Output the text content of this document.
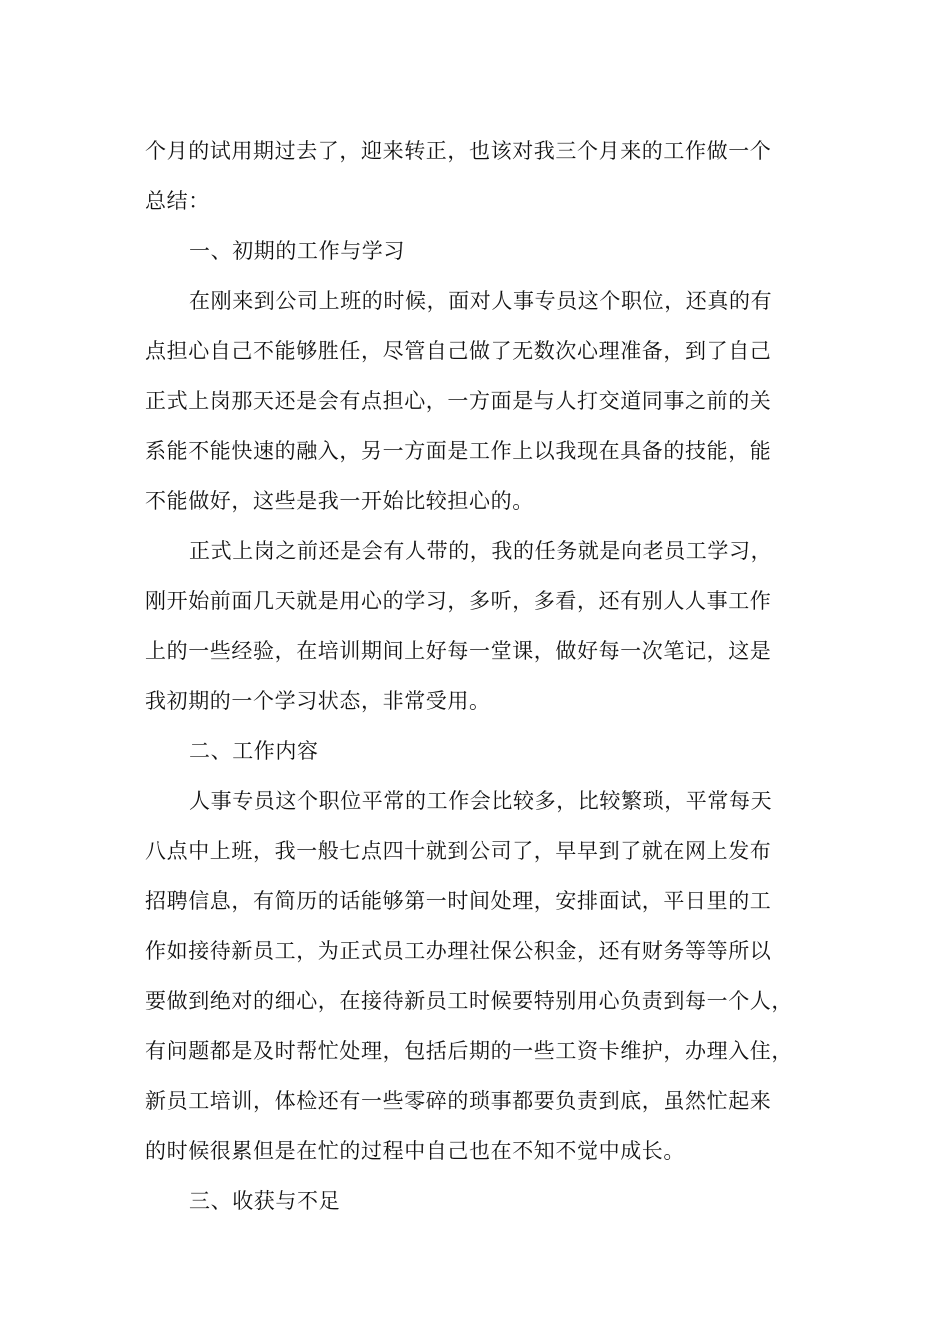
个月的试用期过去了，迎来转正，也该对我三个月来的工作做一个
总结：
一、初期的工作与学习
在刚来到公司上班的时候，面对人事专员这个职位，还真的有
点担心自己不能够胜任，尽管自己做了无数次心理准备，到了自己
正式上岗那天还是会有点担心，一方面是与人打交道同事之前的关
系能不能快速的融入，另一方面是工作上以我现在具备的技能，能
不能做好，这些是我一开始比较担心的。
正式上岗之前还是会有人带的，我的任务就是向老员工学习，
刚开始前面几天就是用心的学习，多听，多看，还有别人人事工作
上的一些经验，在培训期间上好每一堂课，做好每一次笔记，这是
我初期的一个学习状态，非常受用。
二、工作内容
人事专员这个职位平常的工作会比较多，比较繁琐，平常每天
八点中上班，我一般七点四十就到公司了，早早到了就在网上发布
招聘信息，有简历的话能够第一时间处理，安排面试，平日里的工
作如接待新员工，为正式员工办理社保公积金，还有财务等等所以
要做到绝对的细心，在接待新员工时候要特别用心负责到每一个人，
有问题都是及时帮忙处理，包括后期的一些工资卡维护，办理入住，
新员工培训，体检还有一些零碎的琐事都要负责到底，虽然忙起来
的时候很累但是在忙的过程中自己也在不知不觉中成长。
三、收获与不足
